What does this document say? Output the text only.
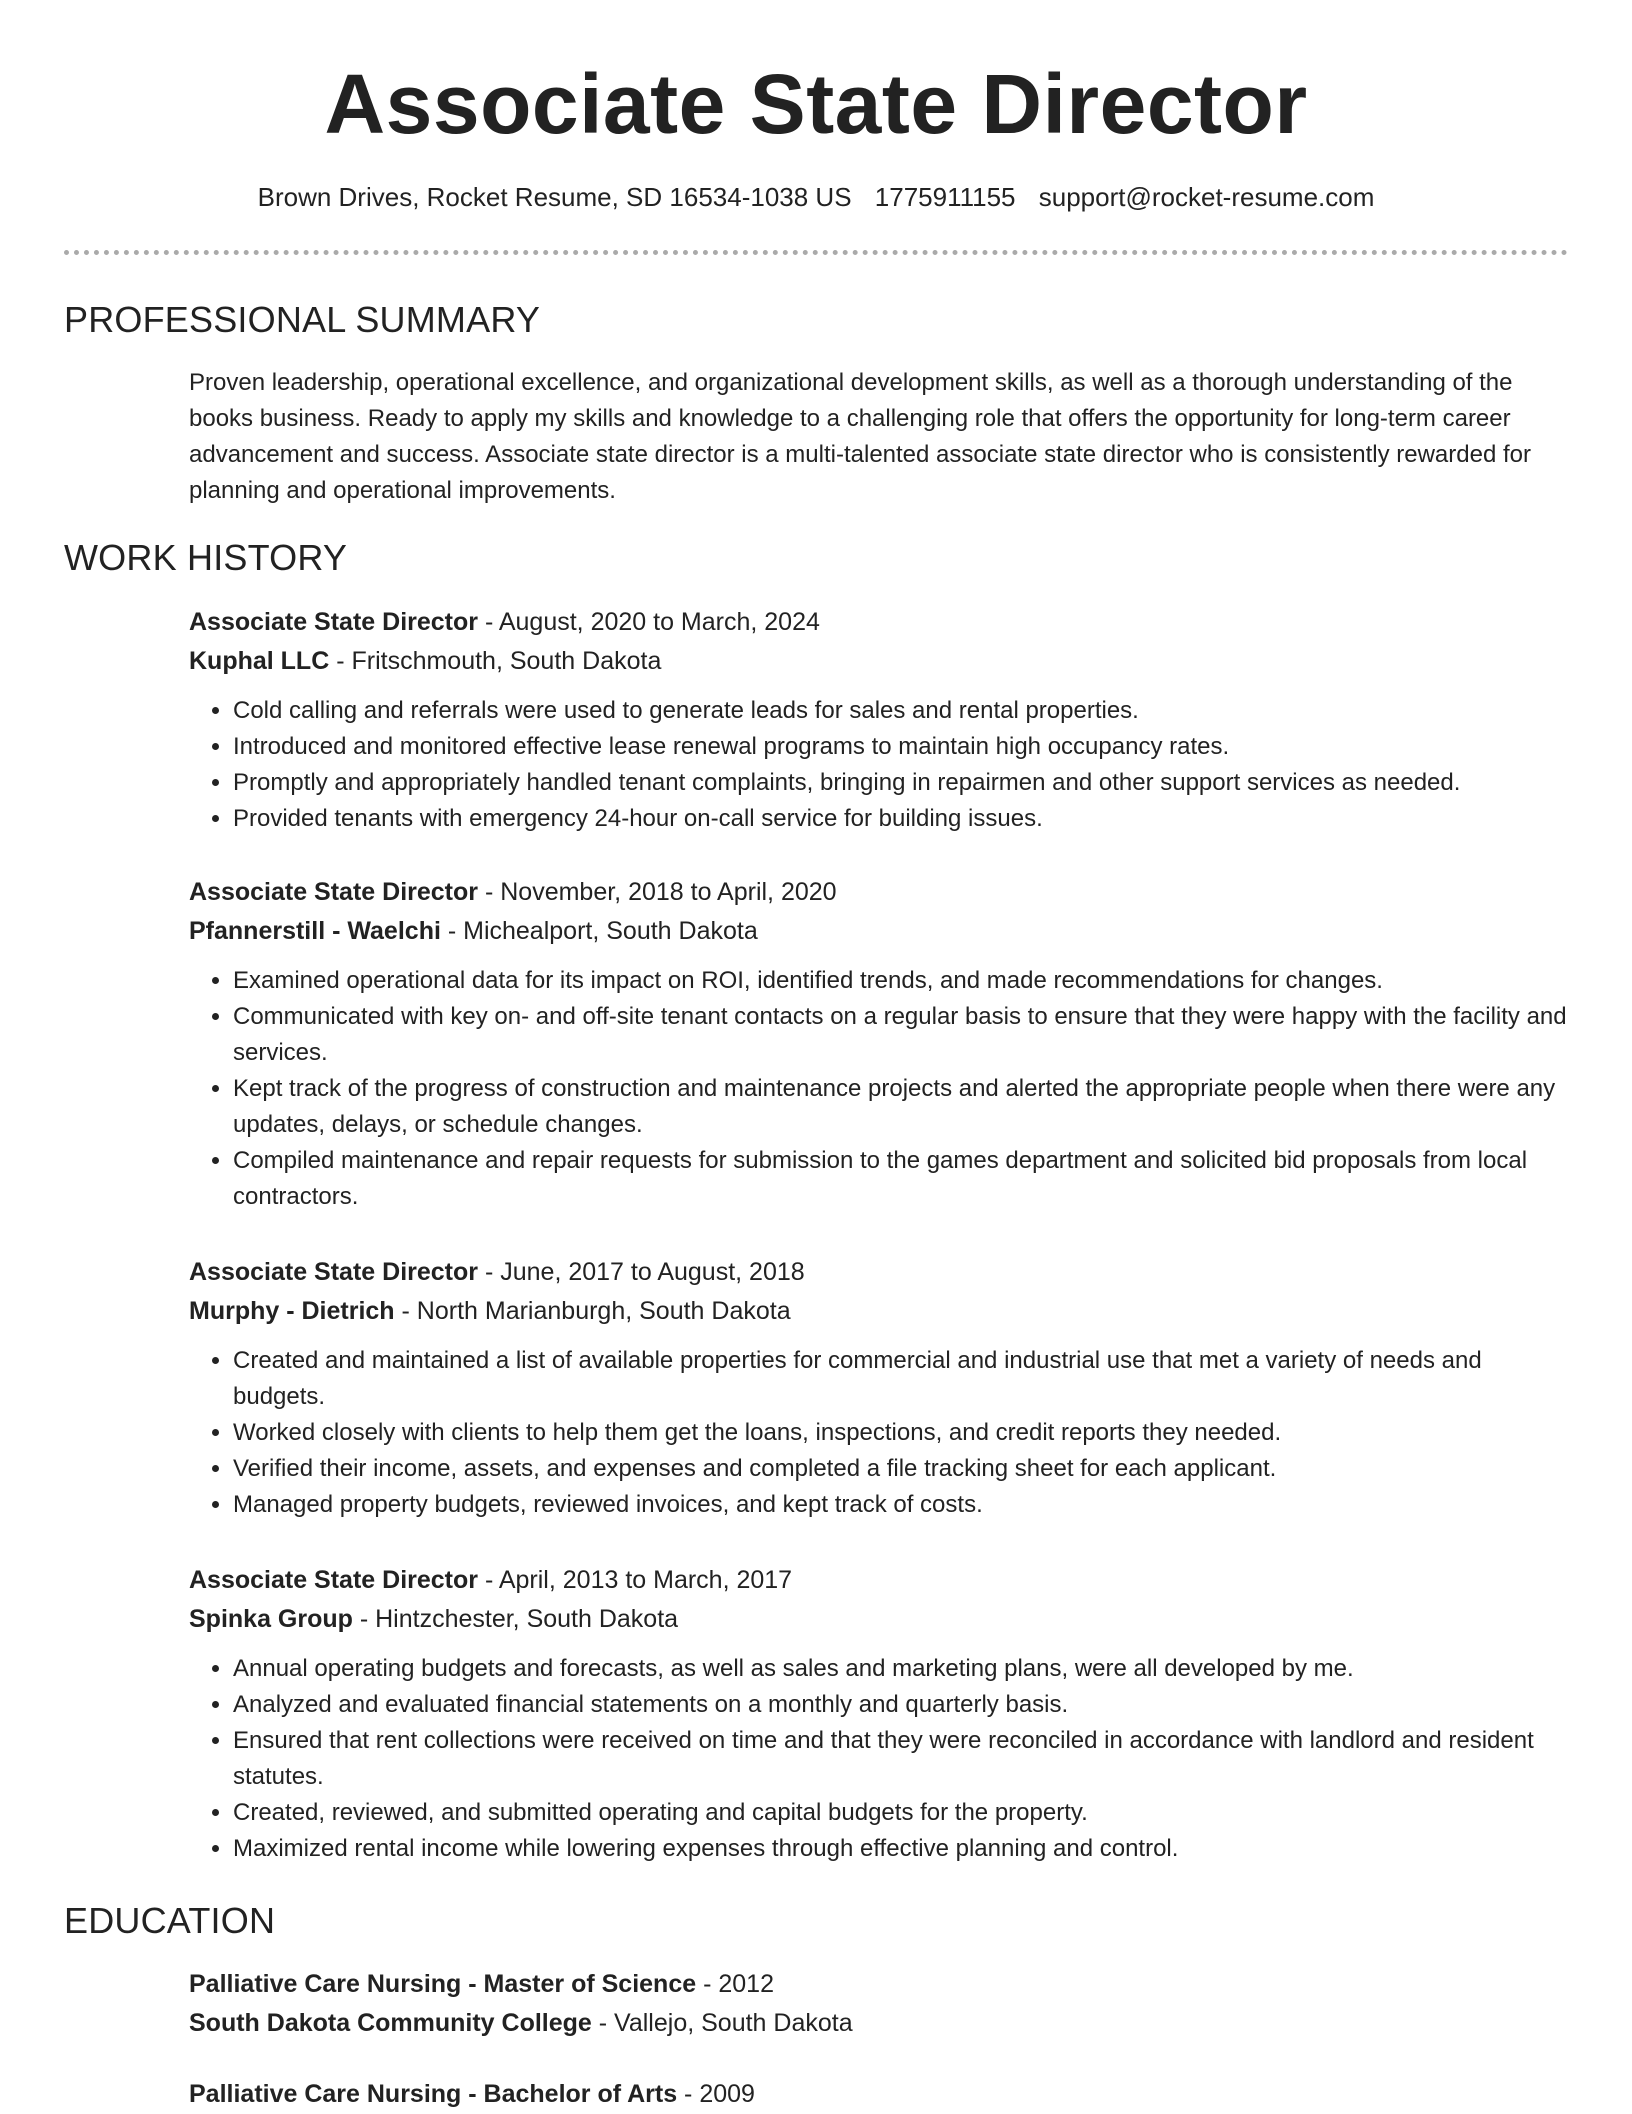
Associate State Director
Brown Drives, Rocket Resume, SD 16534-1038 US 1775911155 support@rocket-resume.com
PROFESSIONAL SUMMARY

Proven leadership, operational excellence, and organizational development skills, as well as a thorough understanding of the books business. Ready to apply my skills and knowledge to a challenging role that offers the opportunity for long-term career advancement and success. Associate state director is a multi-talented associate state director who is consistently rewarded for planning and operational improvements.

WORK HISTORY

Associate State Director - August, 2020 to March, 2024

Kuphal LLC - Fritschmouth, South Dakota

• Cold calling and referrals were used to generate leads for sales and rental properties.
• Introduced and monitored effective lease renewal programs to maintain high occupancy rates.
• Promptly and appropriately handled tenant complaints, bringing in repairmen and other support services as needed.
• Provided tenants with emergency 24-hour on-call service for building issues.

Associate State Director - November, 2018 to April, 2020

Pfannerstill - Waelchi - Michealport, South Dakota

• Examined operational data for its impact on ROI, identified trends, and made recommendations for changes.
• Communicated with key on- and off-site tenant contacts on a regular basis to ensure that they were happy with the facility and services.
• Kept track of the progress of construction and maintenance projects and alerted the appropriate people when there were any updates, delays, or schedule changes.
• Compiled maintenance and repair requests for submission to the games department and solicited bid proposals from local contractors.

Associate State Director - June, 2017 to August, 2018

Murphy - Dietrich - North Marianburgh, South Dakota

• Created and maintained a list of available properties for commercial and industrial use that met a variety of needs and budgets.
• Worked closely with clients to help them get the loans, inspections, and credit reports they needed.
• Verified their income, assets, and expenses and completed a file tracking sheet for each applicant.
• Managed property budgets, reviewed invoices, and kept track of costs.

Associate State Director - April, 2013 to March, 2017

Spinka Group - Hintzchester, South Dakota

• Annual operating budgets and forecasts, as well as sales and marketing plans, were all developed by me.
• Analyzed and evaluated financial statements on a monthly and quarterly basis.
• Ensured that rent collections were received on time and that they were reconciled in accordance with landlord and resident statutes.
• Created, reviewed, and submitted operating and capital budgets for the property.
• Maximized rental income while lowering expenses through effective planning and control.
EDUCATION

Palliative Care Nursing - Master of Science - 2012

South Dakota Community College - Vallejo, South Dakota

Palliative Care Nursing - Bachelor of Arts - 2009
